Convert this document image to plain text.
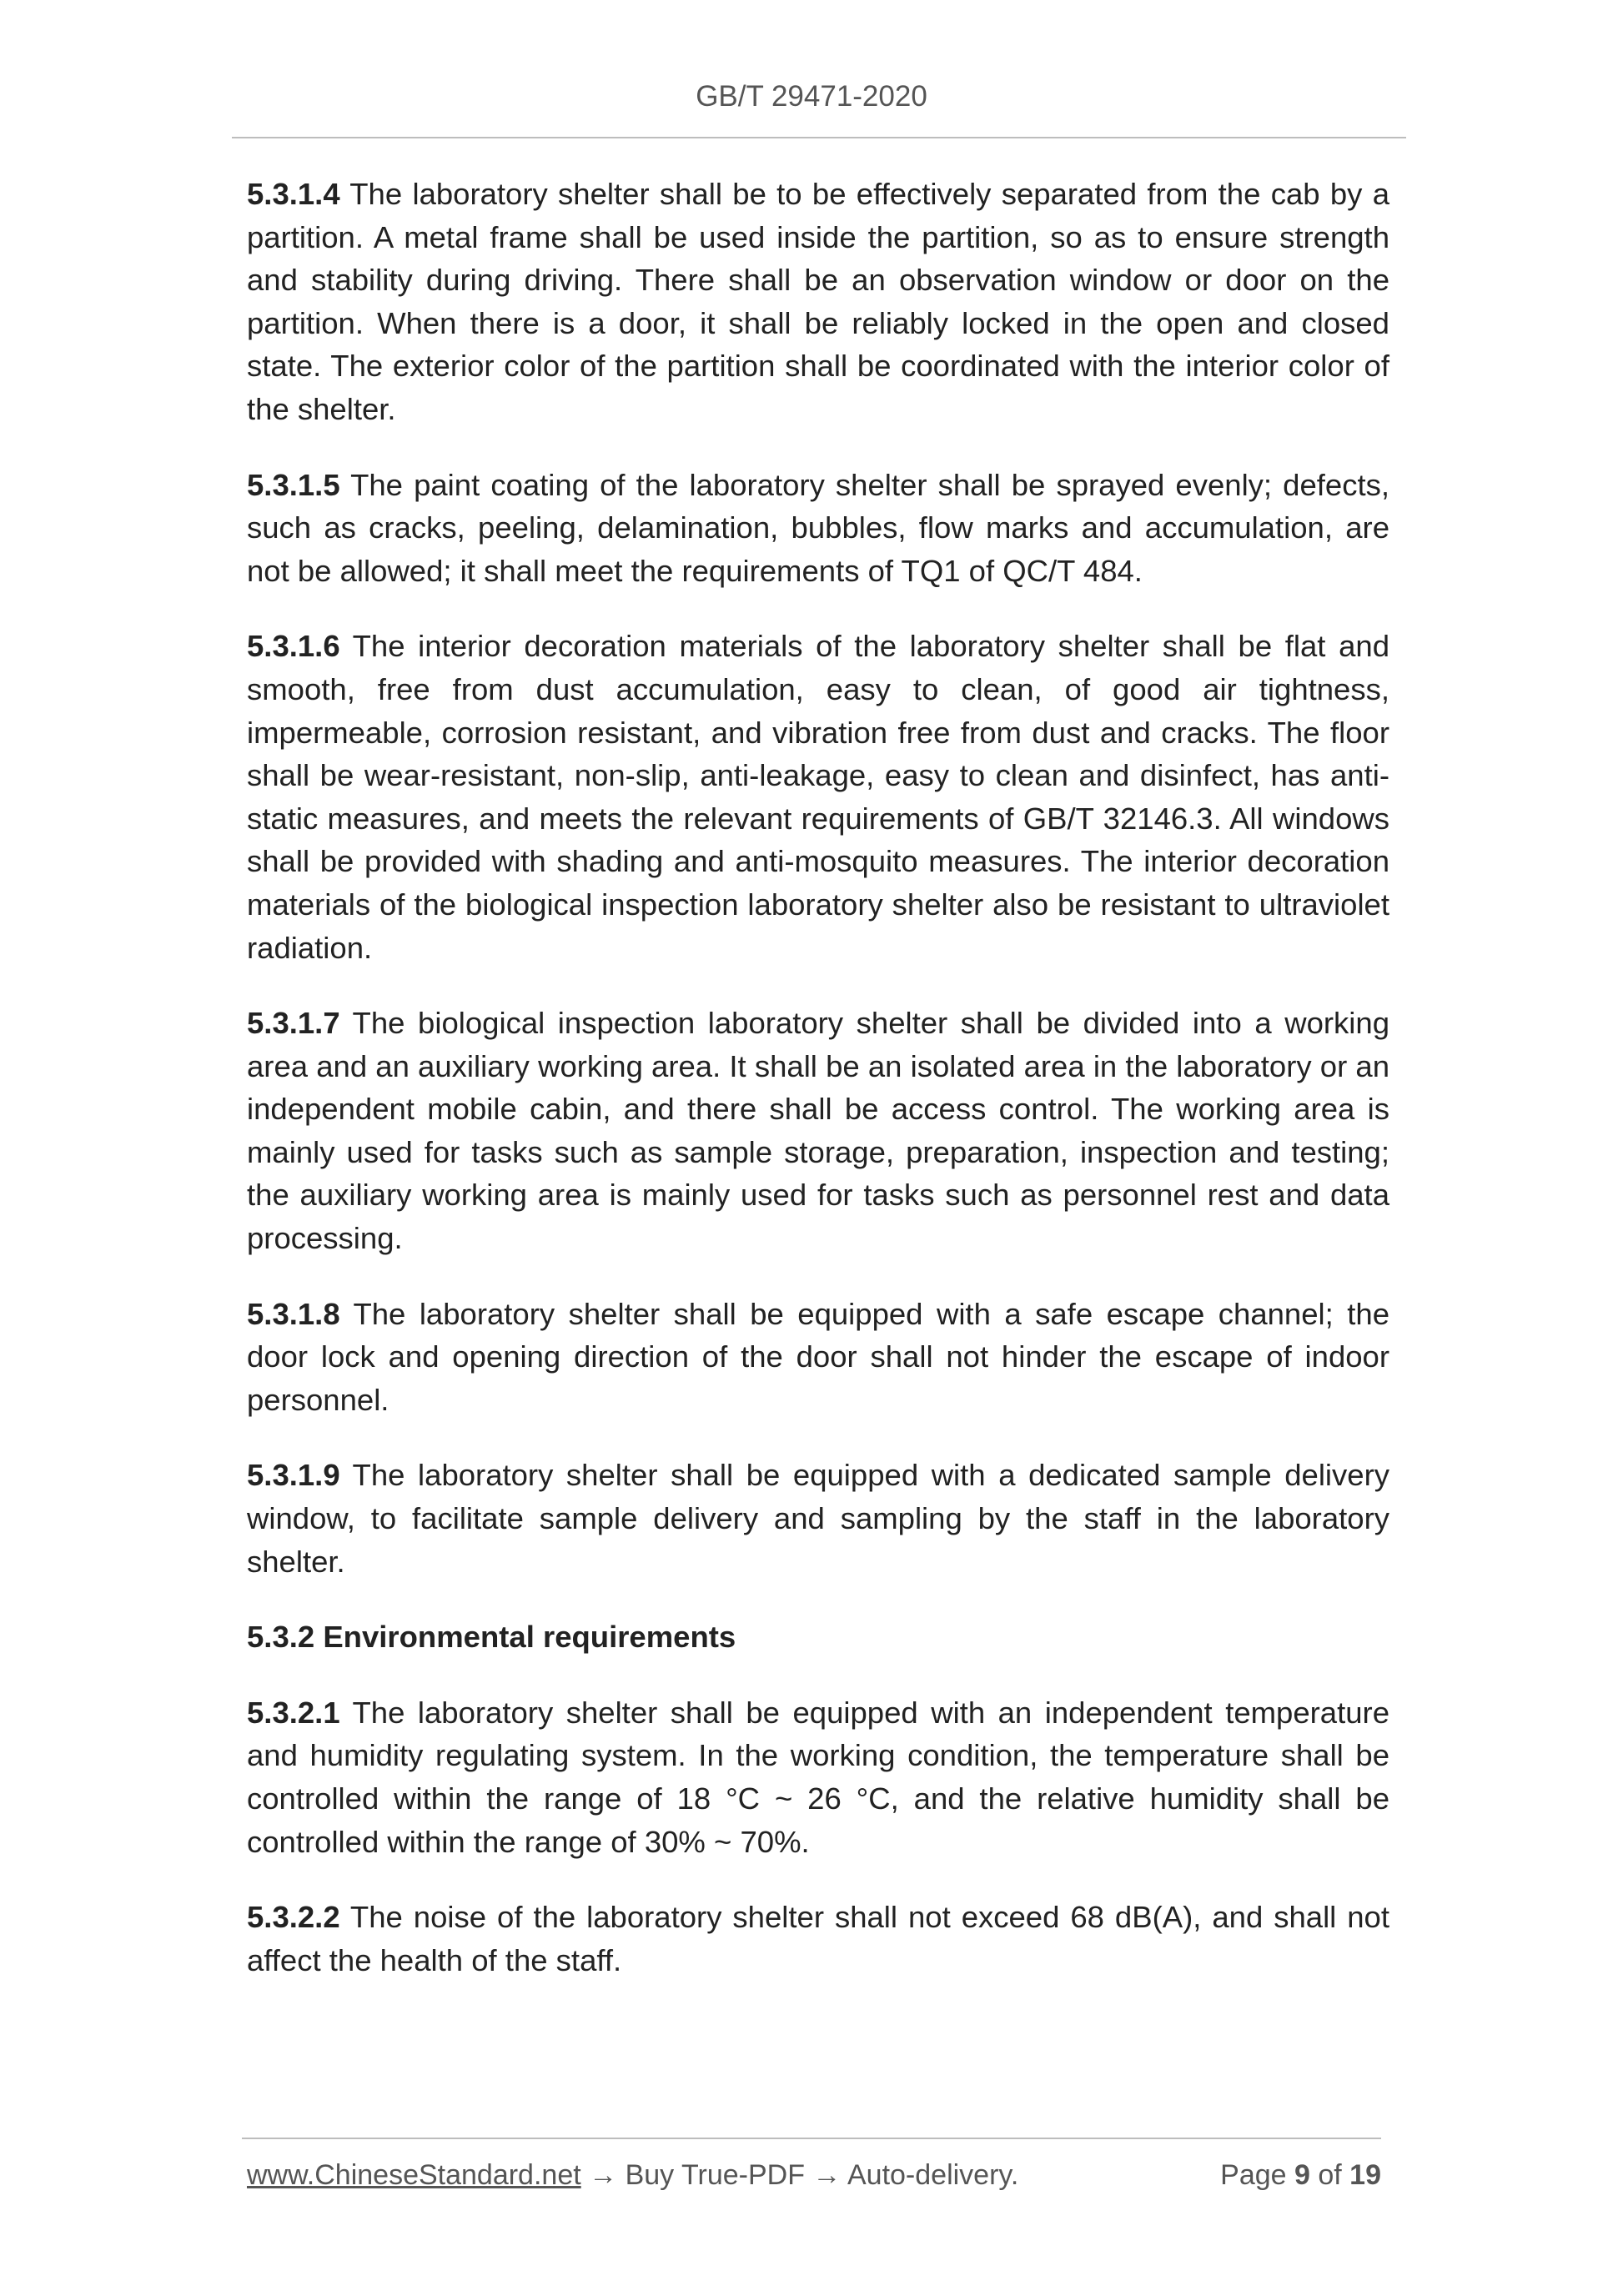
GB/T 29471-2020

5.3.1.4 The laboratory shelter shall be to be effectively separated from the cab by a partition. A metal frame shall be used inside the partition, so as to ensure strength and stability during driving. There shall be an observation window or door on the partition. When there is a door, it shall be reliably locked in the open and closed state. The exterior color of the partition shall be coordinated with the interior color of the shelter.

5.3.1.5 The paint coating of the laboratory shelter shall be sprayed evenly; defects, such as cracks, peeling, delamination, bubbles, flow marks and accumulation, are not be allowed; it shall meet the requirements of TQ1 of QC/T 484.

5.3.1.6 The interior decoration materials of the laboratory shelter shall be flat and smooth, free from dust accumulation, easy to clean, of good air tightness, impermeable, corrosion resistant, and vibration free from dust and cracks. The floor shall be wear-resistant, non-slip, anti-leakage, easy to clean and disinfect, has anti-static measures, and meets the relevant requirements of GB/T 32146.3. All windows shall be provided with shading and anti-mosquito measures. The interior decoration materials of the biological inspection laboratory shelter also be resistant to ultraviolet radiation.

5.3.1.7 The biological inspection laboratory shelter shall be divided into a working area and an auxiliary working area. It shall be an isolated area in the laboratory or an independent mobile cabin, and there shall be access control. The working area is mainly used for tasks such as sample storage, preparation, inspection and testing; the auxiliary working area is mainly used for tasks such as personnel rest and data processing.

5.3.1.8 The laboratory shelter shall be equipped with a safe escape channel; the door lock and opening direction of the door shall not hinder the escape of indoor personnel.

5.3.1.9 The laboratory shelter shall be equipped with a dedicated sample delivery window, to facilitate sample delivery and sampling by the staff in the laboratory shelter.

5.3.2 Environmental requirements

5.3.2.1 The laboratory shelter shall be equipped with an independent temperature and humidity regulating system. In the working condition, the temperature shall be controlled within the range of 18 °C ~ 26 °C, and the relative humidity shall be controlled within the range of 30% ~ 70%.

5.3.2.2 The noise of the laboratory shelter shall not exceed 68 dB(A), and shall not affect the health of the staff.

www.ChineseStandard.net → Buy True-PDF → Auto-delivery.	Page 9 of 19
